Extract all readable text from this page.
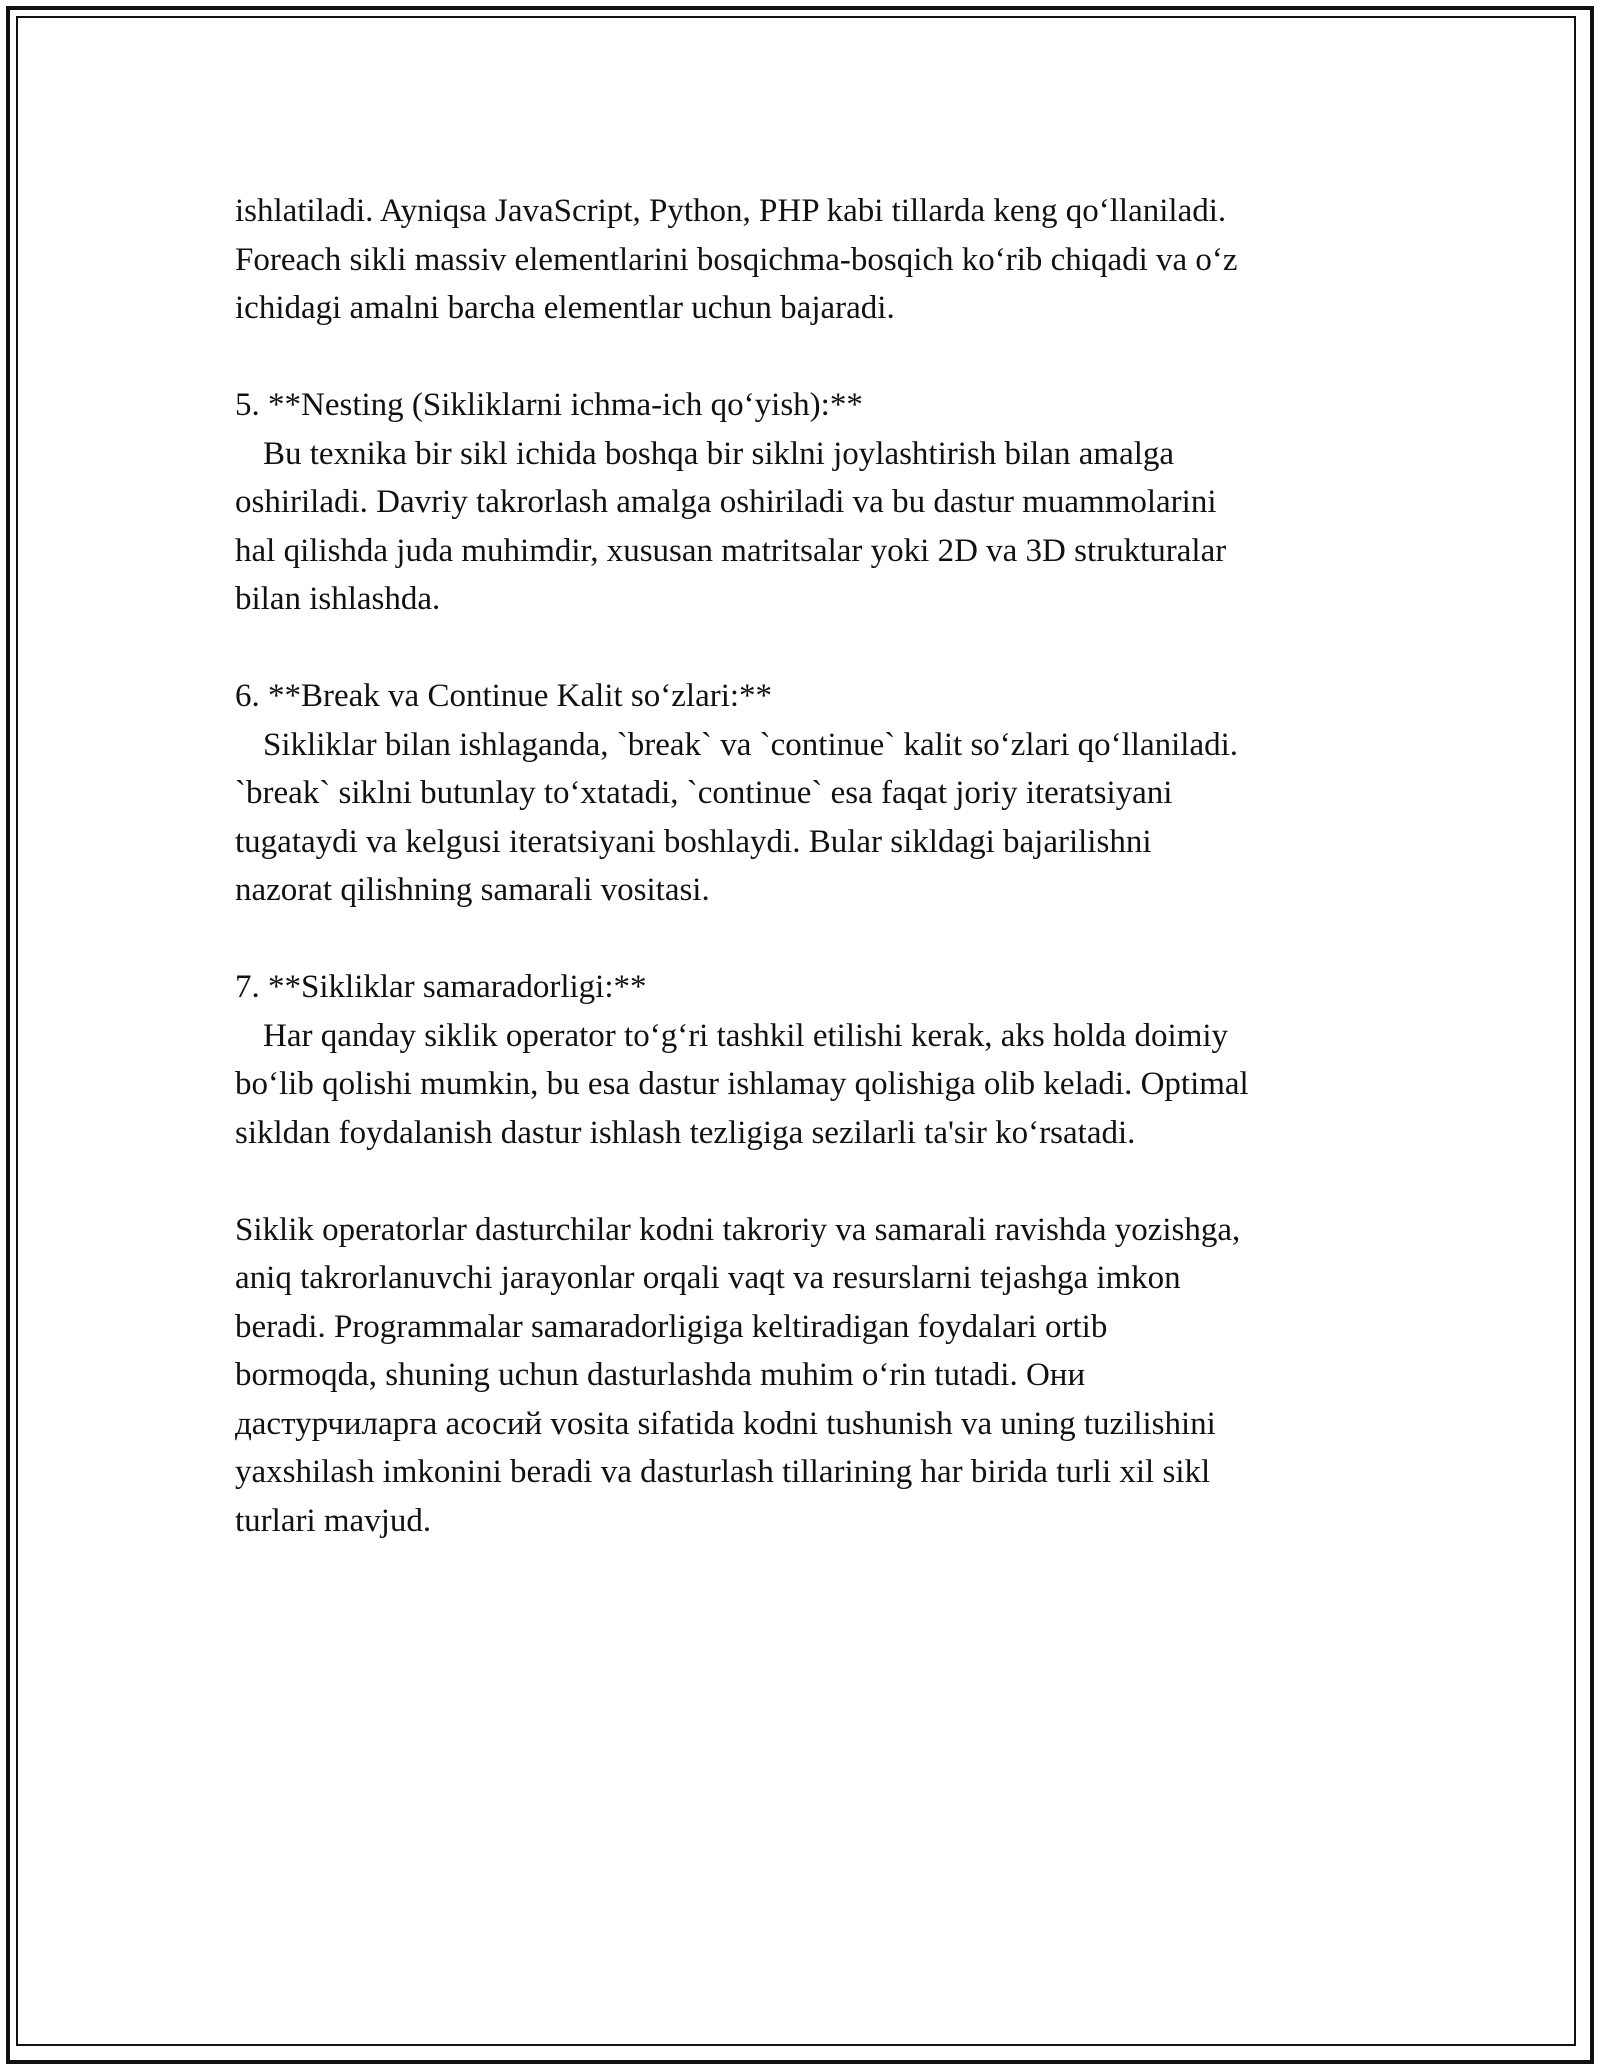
ishlatiladi. Ayniqsa JavaScript, Python, PHP kabi tillarda keng qo‘llaniladi.
Foreach sikli massiv elementlarini bosqichma-bosqich ko‘rib chiqadi va o‘z
ichidagi amalni barcha elementlar uchun bajaradi.

5. **Nesting (Sikliklarni ichma-ich qo‘yish):**

Bu texnika bir sikl ichida boshqa bir siklni joylashtirish bilan amalga
oshiriladi. Davriy takrorlash amalga oshiriladi va bu dastur muammolarini
hal qilishda juda muhimdir, xususan matritsalar yoki 2D va 3D strukturalar
bilan ishlashda.

6. **Break va Continue Kalit so‘zlari:**

Sikliklar bilan ishlaganda, `break` va `continue` kalit so‘zlari qo‘llaniladi.
`break` siklni butunlay to‘xtatadi, `continue` esa faqat joriy iteratsiyani
tugataydi va kelgusi iteratsiyani boshlaydi. Bular sikldagi bajarilishni
nazorat qilishning samarali vositasi.

7. **Sikliklar samaradorligi:**

Har qanday siklik operator to‘g‘ri tashkil etilishi kerak, aks holda doimiy
bo‘lib qolishi mumkin, bu esa dastur ishlamay qolishiga olib keladi. Optimal
sikldan foydalanish dastur ishlash tezligiga sezilarli ta'sir ko‘rsatadi.

Siklik operatorlar dasturchilar kodni takroriy va samarali ravishda yozishga,
aniq takrorlanuvchi jarayonlar orqali vaqt va resurslarni tejashga imkon
beradi. Programmalar samaradorligiga keltiradigan foydalari ortib
bormoqda, shuning uchun dasturlashda muhim o‘rin tutadi. Они
дастурчиларга асосий vosita sifatida kodni tushunish va uning tuzilishini
yaxshilash imkonini beradi va dasturlash tillarining har birida turli xil sikl
turlari mavjud.
